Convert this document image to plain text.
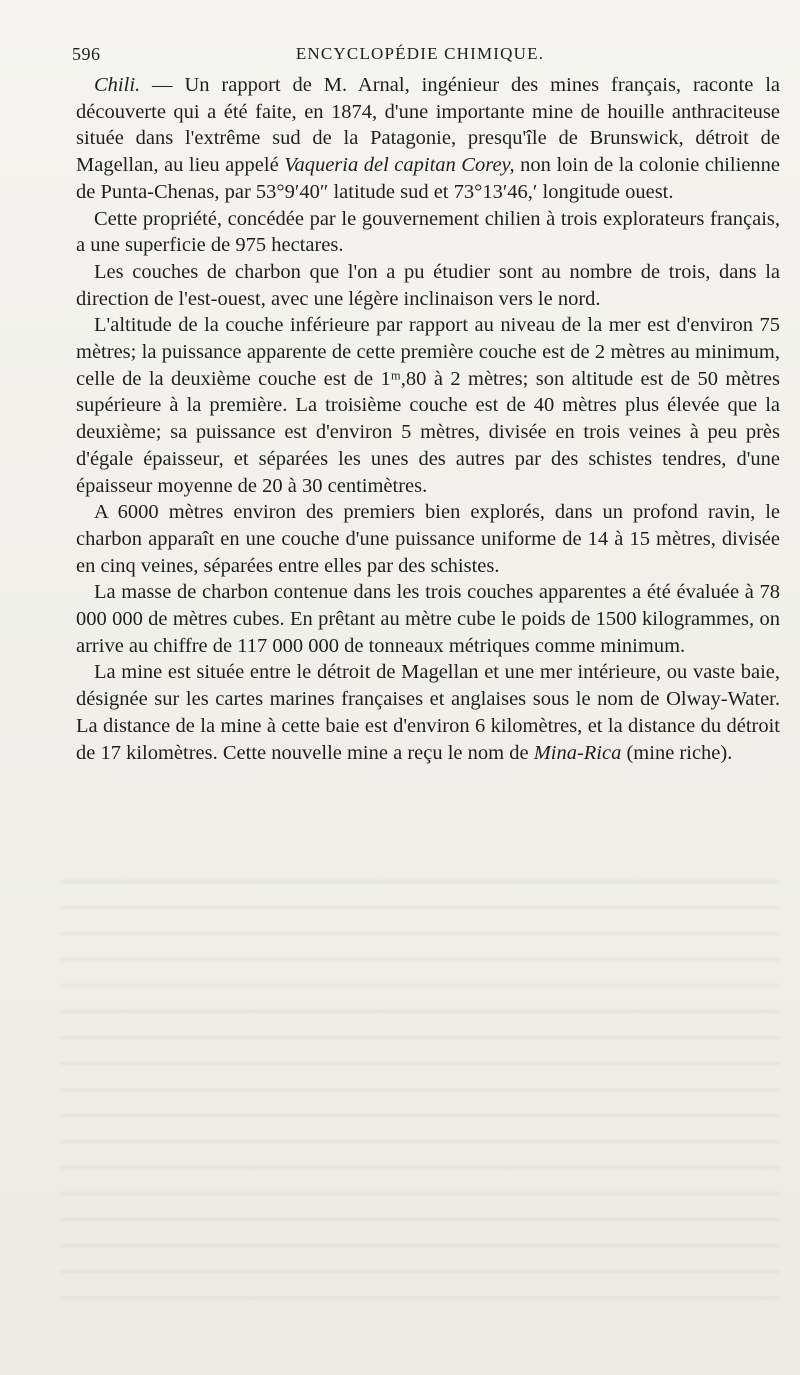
596	ENCYCLOPÉDIE CHIMIQUE.

Chili. — Un rapport de M. Arnal, ingénieur des mines français, raconte la découverte qui a été faite, en 1874, d'une importante mine de houille anthraciteuse située dans l'extrême sud de la Patagonie, presqu'île de Brunswick, détroit de Magellan, au lieu appelé Vaqueria del capitan Corey, non loin de la colonie chilienne de Punta-Chenas, par 53°9′40″ latitude sud et 73°13′46,′ longitude ouest.

Cette propriété, concédée par le gouvernement chilien à trois explorateurs français, a une superficie de 975 hectares.

Les couches de charbon que l'on a pu étudier sont au nombre de trois, dans la direction de l'est-ouest, avec une légère inclinaison vers le nord.

L'altitude de la couche inférieure par rapport au niveau de la mer est d'environ 75 mètres; la puissance apparente de cette première couche est de 2 mètres au minimum, celle de la deuxième couche est de 1ᵐ,80 à 2 mètres; son altitude est de 50 mètres supérieure à la première. La troisième couche est de 40 mètres plus élevée que la deuxième; sa puissance est d'environ 5 mètres, divisée en trois veines à peu près d'égale épaisseur, et séparées les unes des autres par des schistes tendres, d'une épaisseur moyenne de 20 à 30 centimètres.

A 6000 mètres environ des premiers bien explorés, dans un profond ravin, le charbon apparaît en une couche d'une puissance uniforme de 14 à 15 mètres, divisée en cinq veines, séparées entre elles par des schistes.

La masse de charbon contenue dans les trois couches apparentes a été évaluée à 78 000 000 de mètres cubes. En prêtant au mètre cube le poids de 1500 kilogrammes, on arrive au chiffre de 117 000 000 de tonneaux métriques comme minimum.

La mine est située entre le détroit de Magellan et une mer intérieure, ou vaste baie, désignée sur les cartes marines françaises et anglaises sous le nom de Olway-Water. La distance de la mine à cette baie est d'environ 6 kilomètres, et la distance du détroit de 17 kilomètres. Cette nouvelle mine a reçu le nom de Mina-Rica (mine riche).
